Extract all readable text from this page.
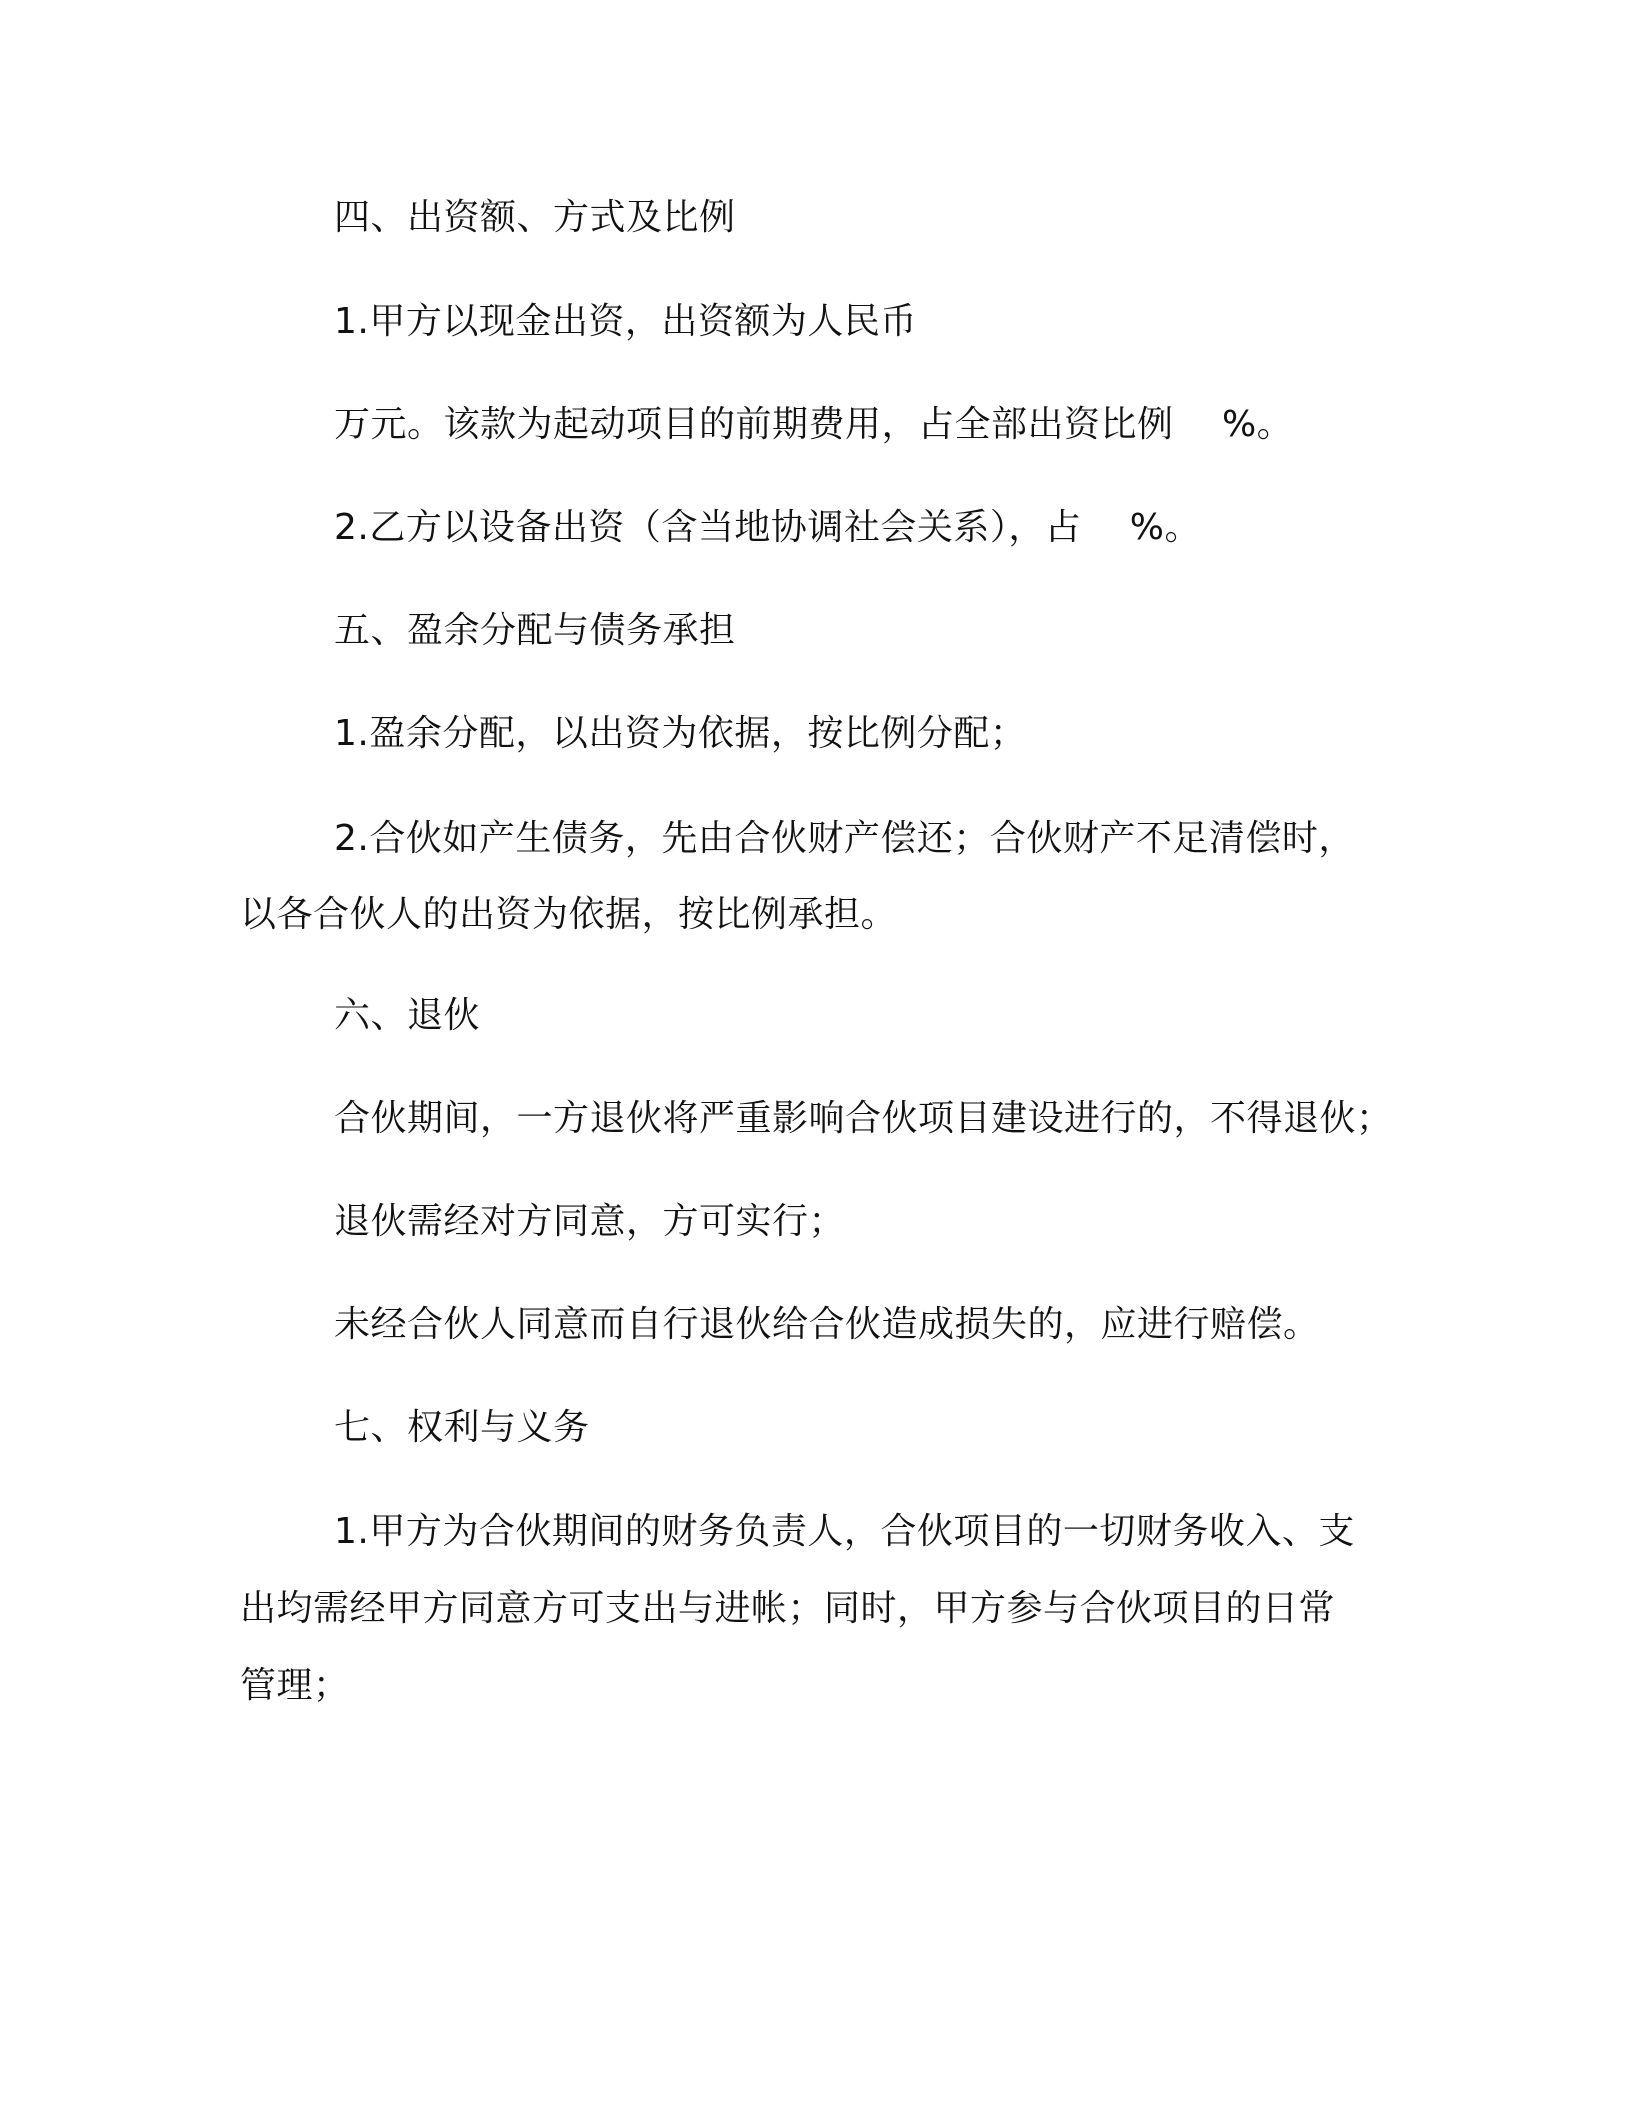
四、出资额、方式及比例
1.甲方以现金出资，出资额为人民币
万元。该款为起动项目的前期费用，占全部出资比例　 %。
2.乙方以设备出资（含当地协调社会关系），占　 %。
五、盈余分配与债务承担
1.盈余分配，以出资为依据，按比例分配；
2.合伙如产生债务，先由合伙财产偿还；合伙财产不足清偿时，
以各合伙人的出资为依据，按比例承担。
六、退伙
合伙期间，一方退伙将严重影响合伙项目建设进行的，不得退伙；
退伙需经对方同意，方可实行；
未经合伙人同意而自行退伙给合伙造成损失的，应进行赔偿。
七、权利与义务
1.甲方为合伙期间的财务负责人，合伙项目的一切财务收入、支
出均需经甲方同意方可支出与进帐；同时，甲方参与合伙项目的日常
管理；
